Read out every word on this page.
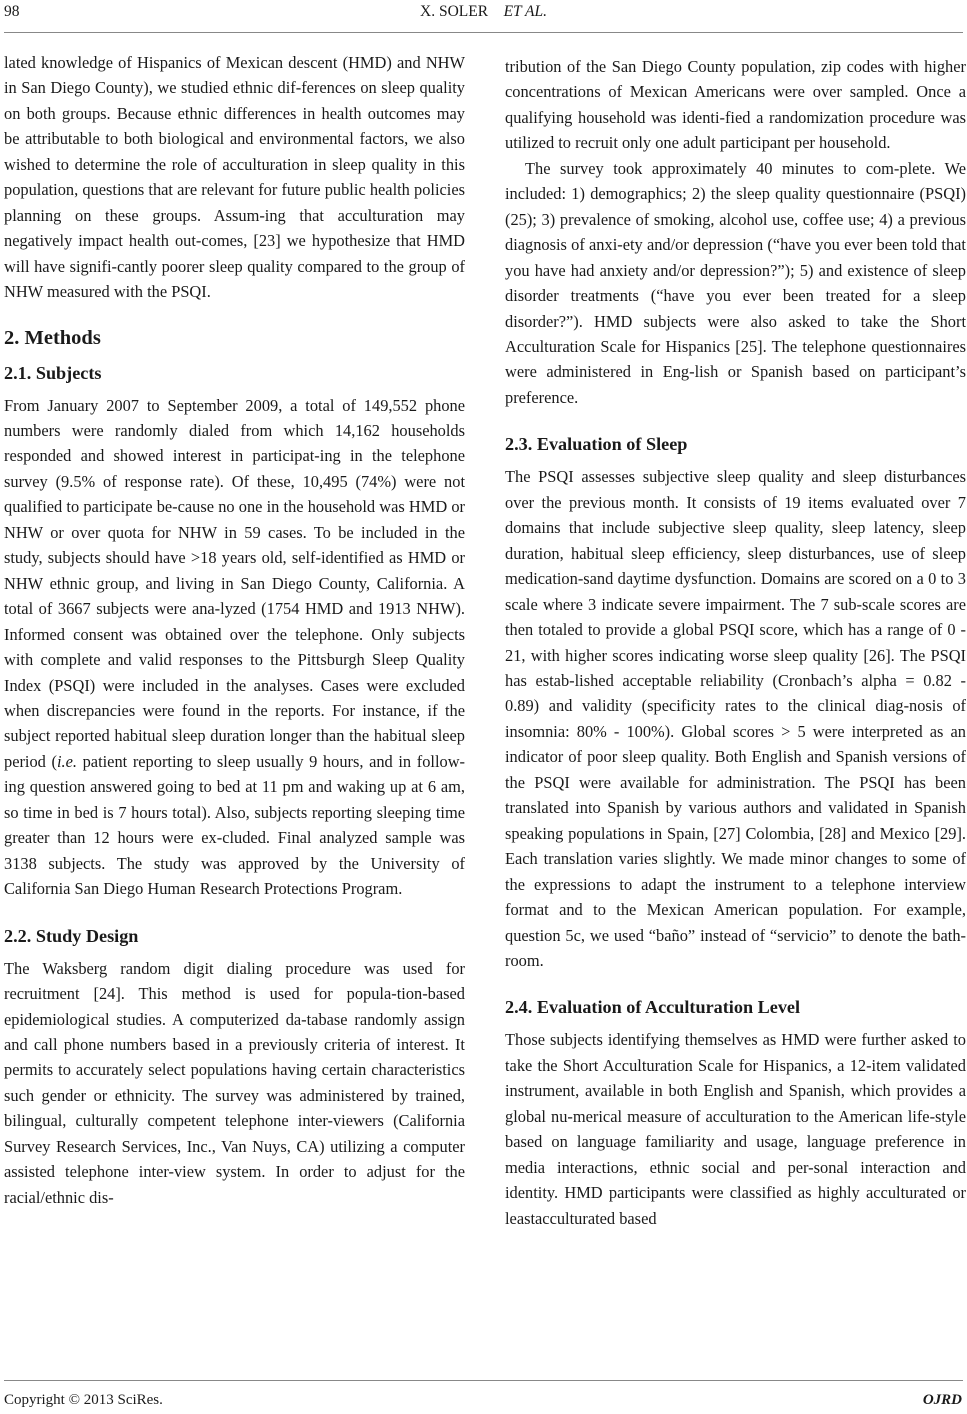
98	X. SOLER ET AL.

lated knowledge of Hispanics of Mexican descent (HMD) and NHW in San Diego County), we studied ethnic dif-ferences on sleep quality on both groups. Because ethnic differences in health outcomes may be attributable to both biological and environmental factors, we also wished to determine the role of acculturation in sleep quality in this population, questions that are relevant for future public health policies planning on these groups. Assum-ing that acculturation may negatively impact health out-comes, [23] we hypothesize that HMD will have signifi-cantly poorer sleep quality compared to the group of NHW measured with the PSQI.

2. Methods
2.1. Subjects

From January 2007 to September 2009, a total of 149,552 phone numbers were randomly dialed from which 14,162 households responded and showed interest in participat-ing in the telephone survey (9.5% of response rate). Of these, 10,495 (74%) were not qualified to participate be-cause no one in the household was HMD or NHW or over quota for NHW in 59 cases. To be included in the study, subjects should have >18 years old, self-identified as HMD or NHW ethnic group, and living in San Diego County, California. A total of 3667 subjects were ana-lyzed (1754 HMD and 1913 NHW). Informed consent was obtained over the telephone. Only subjects with complete and valid responses to the Pittsburgh Sleep Quality Index (PSQI) were included in the analyses. Cases were excluded when discrepancies were found in the reports. For instance, if the subject reported habitual sleep duration longer than the habitual sleep period (i.e. patient reporting to sleep usually 9 hours, and in follow-ing question answered going to bed at 11 pm and waking up at 6 am, so time in bed is 7 hours total). Also, subjects reporting sleeping time greater than 12 hours were ex-cluded. Final analyzed sample was 3138 subjects. The study was approved by the University of California San Diego Human Research Protections Program.

2.2. Study Design

The Waksberg random digit dialing procedure was used for recruitment [24]. This method is used for popula-tion-based epidemiological studies. A computerized da-tabase randomly assign and call phone numbers based in a previously criteria of interest. It permits to accurately select populations having certain characteristics such gender or ethnicity. The survey was administered by trained, bilingual, culturally competent telephone inter-viewers (California Survey Research Services, Inc., Van Nuys, CA) utilizing a computer assisted telephone inter-view system. In order to adjust for the racial/ethnic dis-

tribution of the San Diego County population, zip codes with higher concentrations of Mexican Americans were over sampled. Once a qualifying household was identi-fied a randomization procedure was utilized to recruit only one adult participant per household.

The survey took approximately 40 minutes to com-plete. We included: 1) demographics; 2) the sleep quality questionnaire (PSQI) (25); 3) prevalence of smoking, alcohol use, coffee use; 4) a previous diagnosis of anxi-ety and/or depression (“have you ever been told that you have had anxiety and/or depression?”); 5) and existence of sleep disorder treatments (“have you ever been treated for a sleep disorder?”). HMD subjects were also asked to take the Short Acculturation Scale for Hispanics [25]. The telephone questionnaires were administered in Eng-lish or Spanish based on participant’s preference.

2.3. Evaluation of Sleep

The PSQI assesses subjective sleep quality and sleep disturbances over the previous month. It consists of 19 items evaluated over 7 domains that include subjective sleep quality, sleep latency, sleep duration, habitual sleep efficiency, sleep disturbances, use of sleep medication-sand daytime dysfunction. Domains are scored on a 0 to 3 scale where 3 indicate severe impairment. The 7 sub-scale scores are then totaled to provide a global PSQI score, which has a range of 0 - 21, with higher scores indicating worse sleep quality [26]. The PSQI has estab-lished acceptable reliability (Cronbach’s alpha = 0.82 - 0.89) and validity (specificity rates to the clinical diag-nosis of insomnia: 80% - 100%). Global scores > 5 were interpreted as an indicator of poor sleep quality. Both English and Spanish versions of the PSQI were available for administration. The PSQI has been translated into Spanish by various authors and validated in Spanish speaking populations in Spain, [27] Colombia, [28] and Mexico [29]. Each translation varies slightly. We made minor changes to some of the expressions to adapt the instrument to a telephone interview format and to the Mexican American population. For example, question 5c, we used “baño” instead of “servicio” to denote the bath-room.

2.4. Evaluation of Acculturation Level

Those subjects identifying themselves as HMD were further asked to take the Short Acculturation Scale for Hispanics, a 12-item validated instrument, available in both English and Spanish, which provides a global nu-merical measure of acculturation to the American life-style based on language familiarity and usage, language preference in media interactions, ethnic social and per-sonal interaction and identity. HMD participants were classified as highly acculturated or leastacculturated based

Copyright © 2013 SciRes.	OJRD
